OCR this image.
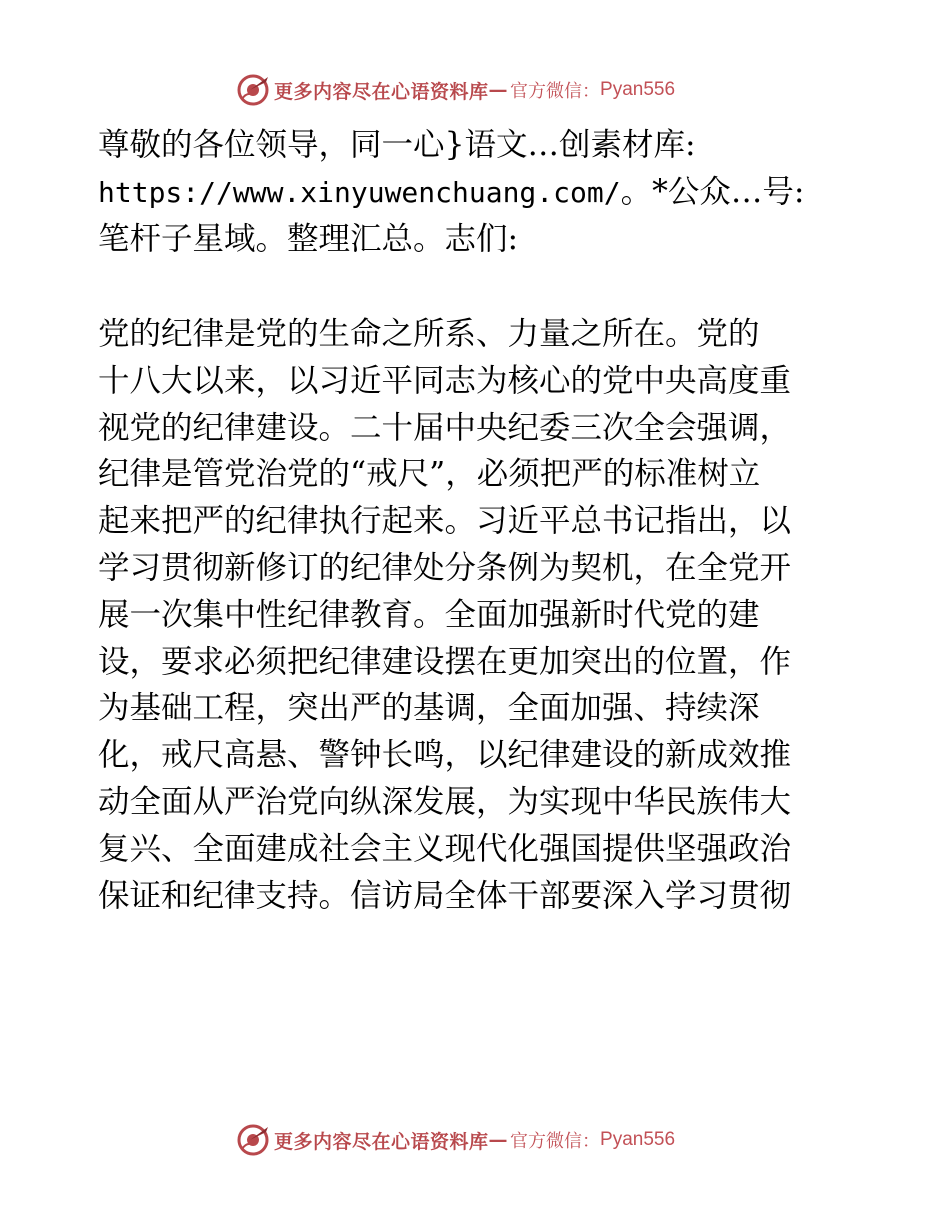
更多内容尽在心语资料库 — 官方微信： Pyan556
尊敬的各位领导，同一心}语文…创素材库:
https://www.xinyuwenchuang.com/。*公众…号:
笔杆子星域。整理汇总。志们:
党的纪律是党的生命之所系、力量之所在。党的
十八大以来，以习近平同志为核心的党中央高度重
视党的纪律建设。二十届中央纪委三次全会强调，
纪律是管党治党的“戒尺”，必须把严的标准树立
起来把严的纪律执行起来。习近平总书记指出，以
学习贯彻新修订的纪律处分条例为契机，在全党开
展一次集中性纪律教育。全面加强新时代党的建
设，要求必须把纪律建设摆在更加突出的位置，作
为基础工程，突出严的基调，全面加强、持续深
化，戒尺高悬、警钟长鸣，以纪律建设的新成效推
动全面从严治党向纵深发展，为实现中华民族伟大
复兴、全面建成社会主义现代化强国提供坚强政治
保证和纪律支持。信访局全体干部要深入学习贯彻
更多内容尽在心语资料库 — 官方微信： Pyan556
